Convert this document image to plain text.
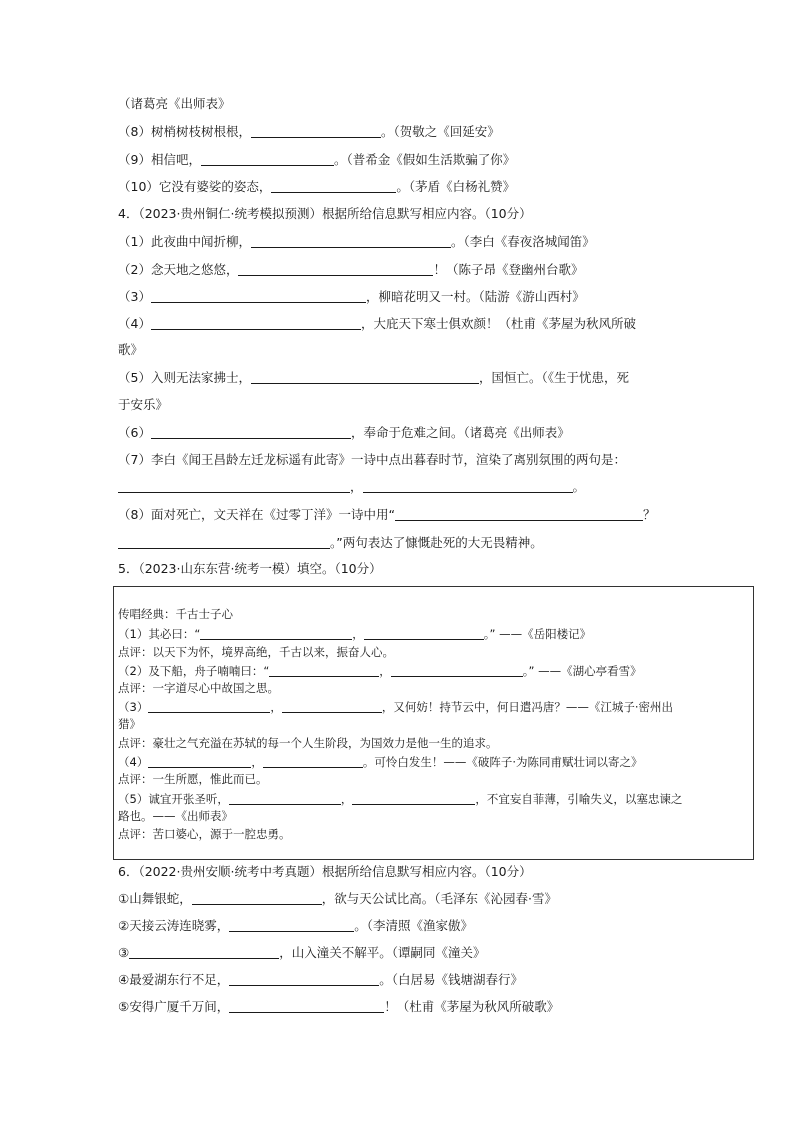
（诸葛亮《出师表》
（8）树梢树枝树根根，	。（贺敬之《回延安》
（9）相信吧，	。（普希金《假如生活欺骗了你》
（10）它没有婆娑的姿态，	。（茅盾《白杨礼赞》
4．（2023·贵州铜仁·统考模拟预测）根据所给信息默写相应内容。（10分）
（1）此夜曲中闻折柳，	。（李白《春夜洛城闻笛》
（2）念天地之悠悠，	！（陈子昂《登幽州台歌》
（3）	，柳暗花明又一村。（陆游《游山西村》
（4）	，大庇天下寒士俱欢颜！（杜甫《茅屋为秋风所破
歌》
（5）入则无法家拂士，	，国恒亡。（《生于忧患，死
于安乐》
（6）	，奉命于危难之间。（诸葛亮《出师表》
（7）李白《闻王昌龄左迁龙标遥有此寄》一诗中点出暮春时节，渲染了离别氛围的两句是：
，	。
（8）面对死亡，文天祥在《过零丁洋》一诗中用“	？
。”两句表达了慷慨赴死的大无畏精神。
5．（2023·山东东营·统考一模）填空。（10分）
传唱经典：千古士子心
（1）其必曰：“	，	。” ——《岳阳楼记》
点评：以天下为怀，境界高绝，千古以来，振奋人心。
（2）及下船，舟子喃喃曰：“	，	。” ——《湖心亭看雪》
点评：一字道尽心中故国之思。
（3）	，	，又何妨！持节云中，何日遣冯唐？——《江城子·密州出
猎》
点评：豪壮之气充溢在苏轼的每一个人生阶段，为国效力是他一生的追求。
（4）	，	。可怜白发生！——《破阵子·为陈同甫赋壮词以寄之》
点评：一生所愿，惟此而已。
（5）诚宜开张圣听，	，	，不宜妄自菲薄，引喻失义，以塞忠谏之
路也。——《出师表》
点评：苦口婆心，源于一腔忠勇。
6．（2022·贵州安顺·统考中考真题）根据所给信息默写相应内容。（10分）
①山舞银蛇，	，欲与天公试比高。（毛泽东《沁园春·雪》
②天接云涛连晓雾，	。（李清照《渔家傲》
③	，山入潼关不解平。（谭嗣同《潼关》
④最爱湖东行不足，	。（白居易《钱塘湖春行》
⑤安得广厦千万间，	！（杜甫《茅屋为秋风所破歌》
